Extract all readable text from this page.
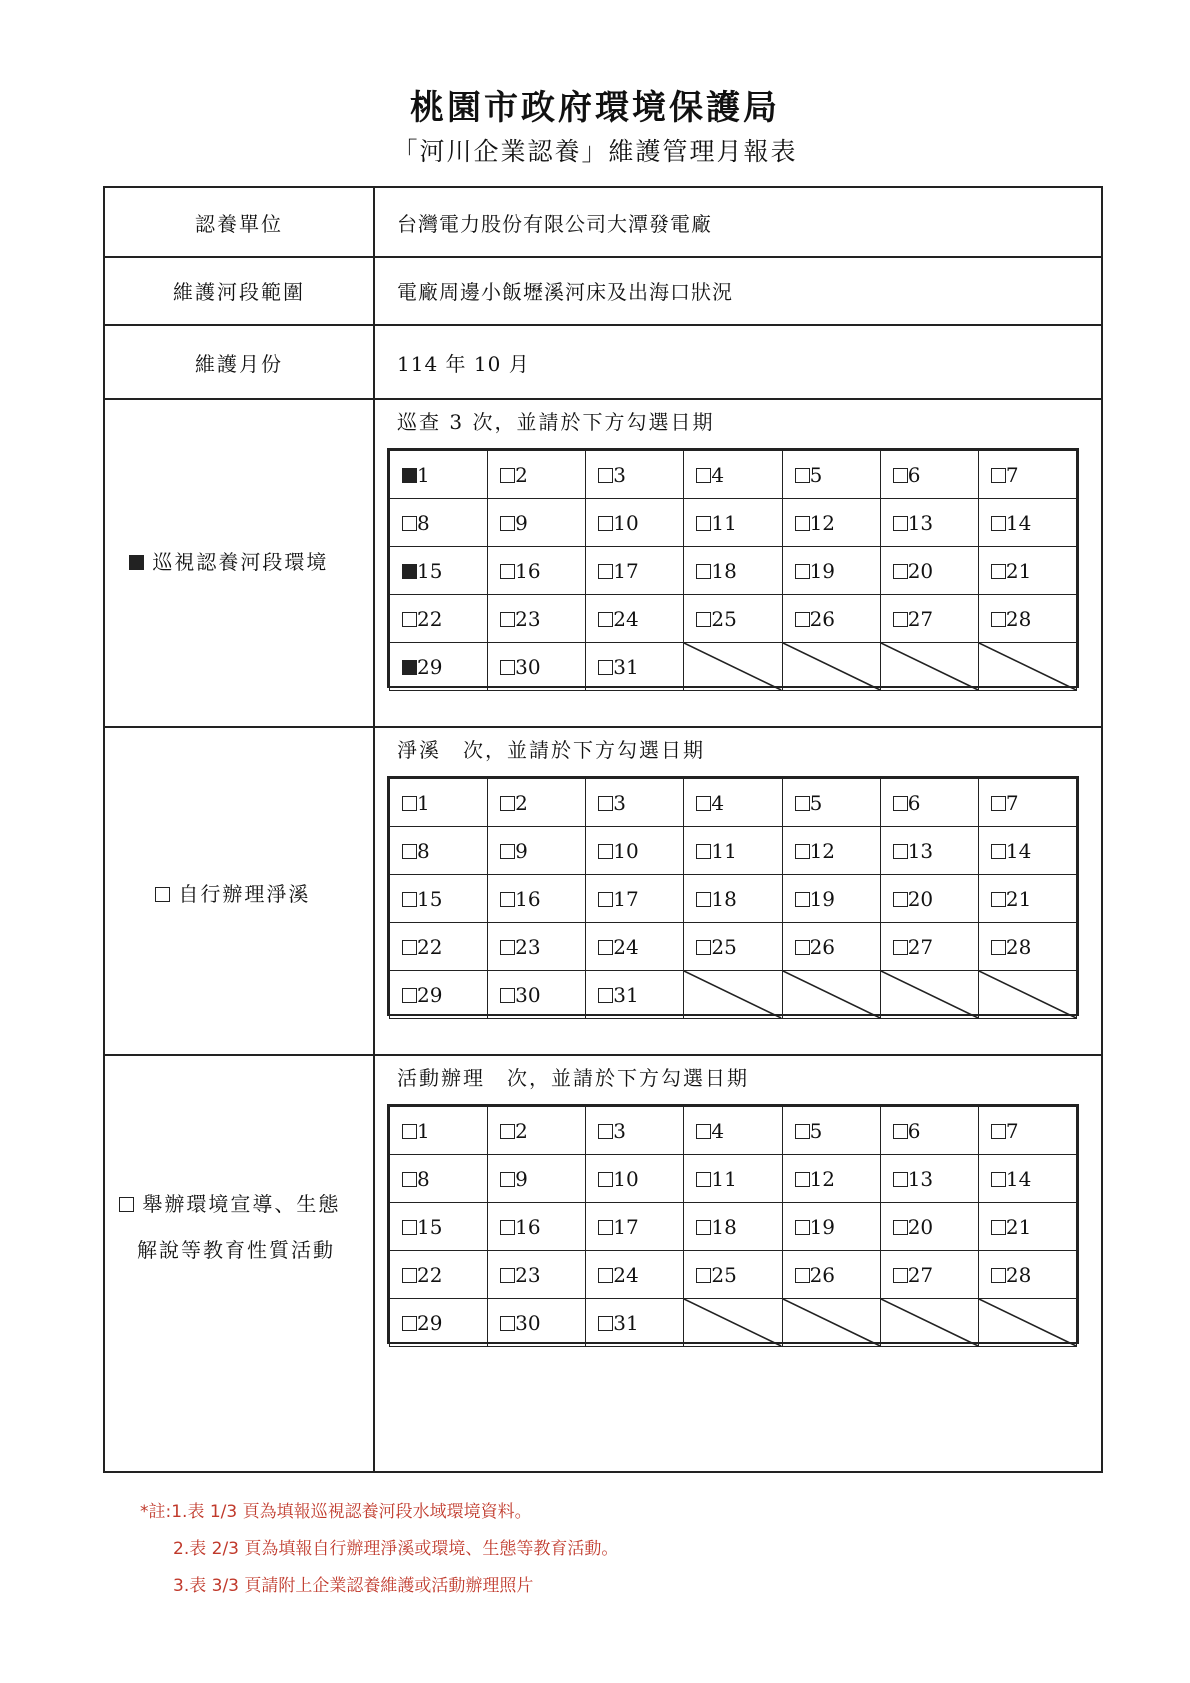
桃園市政府環境保護局
「河川企業認養」維護管理月報表
認養單位	台灣電力股份有限公司大潭發電廠
維護河段範圍	電廠周邊小飯壢溪河床及出海口狀況
維護月份	114 年 10 月
巡視認養河段環境
巡查 3 次，並請於下方勾選日期
1	2	3	4	5	6	7
8	9	10	11	12	13	14
15	16	17	18	19	20	21
22	23	24	25	26	27	28
29	30	31	

自行辦理淨溪
淨溪　次，並請於下方勾選日期
1	2	3	4	5	6	7
8	9	10	11	12	13	14
15	16	17	18	19	20	21
22	23	24	25	26	27	28
29	30	31	

舉辦環境宣導、生態
解說等教育性質活動
活動辦理　次，並請於下方勾選日期
1	2	3	4	5	6	7
8	9	10	11	12	13	14
15	16	17	18	19	20	21
22	23	24	25	26	27	28
29	30	31	

*註:1.表 1/3 頁為填報巡視認養河段水域環境資料。
2.表 2/3 頁為填報自行辦理淨溪或環境、生態等教育活動。
3.表 3/3 頁請附上企業認養維護或活動辦理照片
